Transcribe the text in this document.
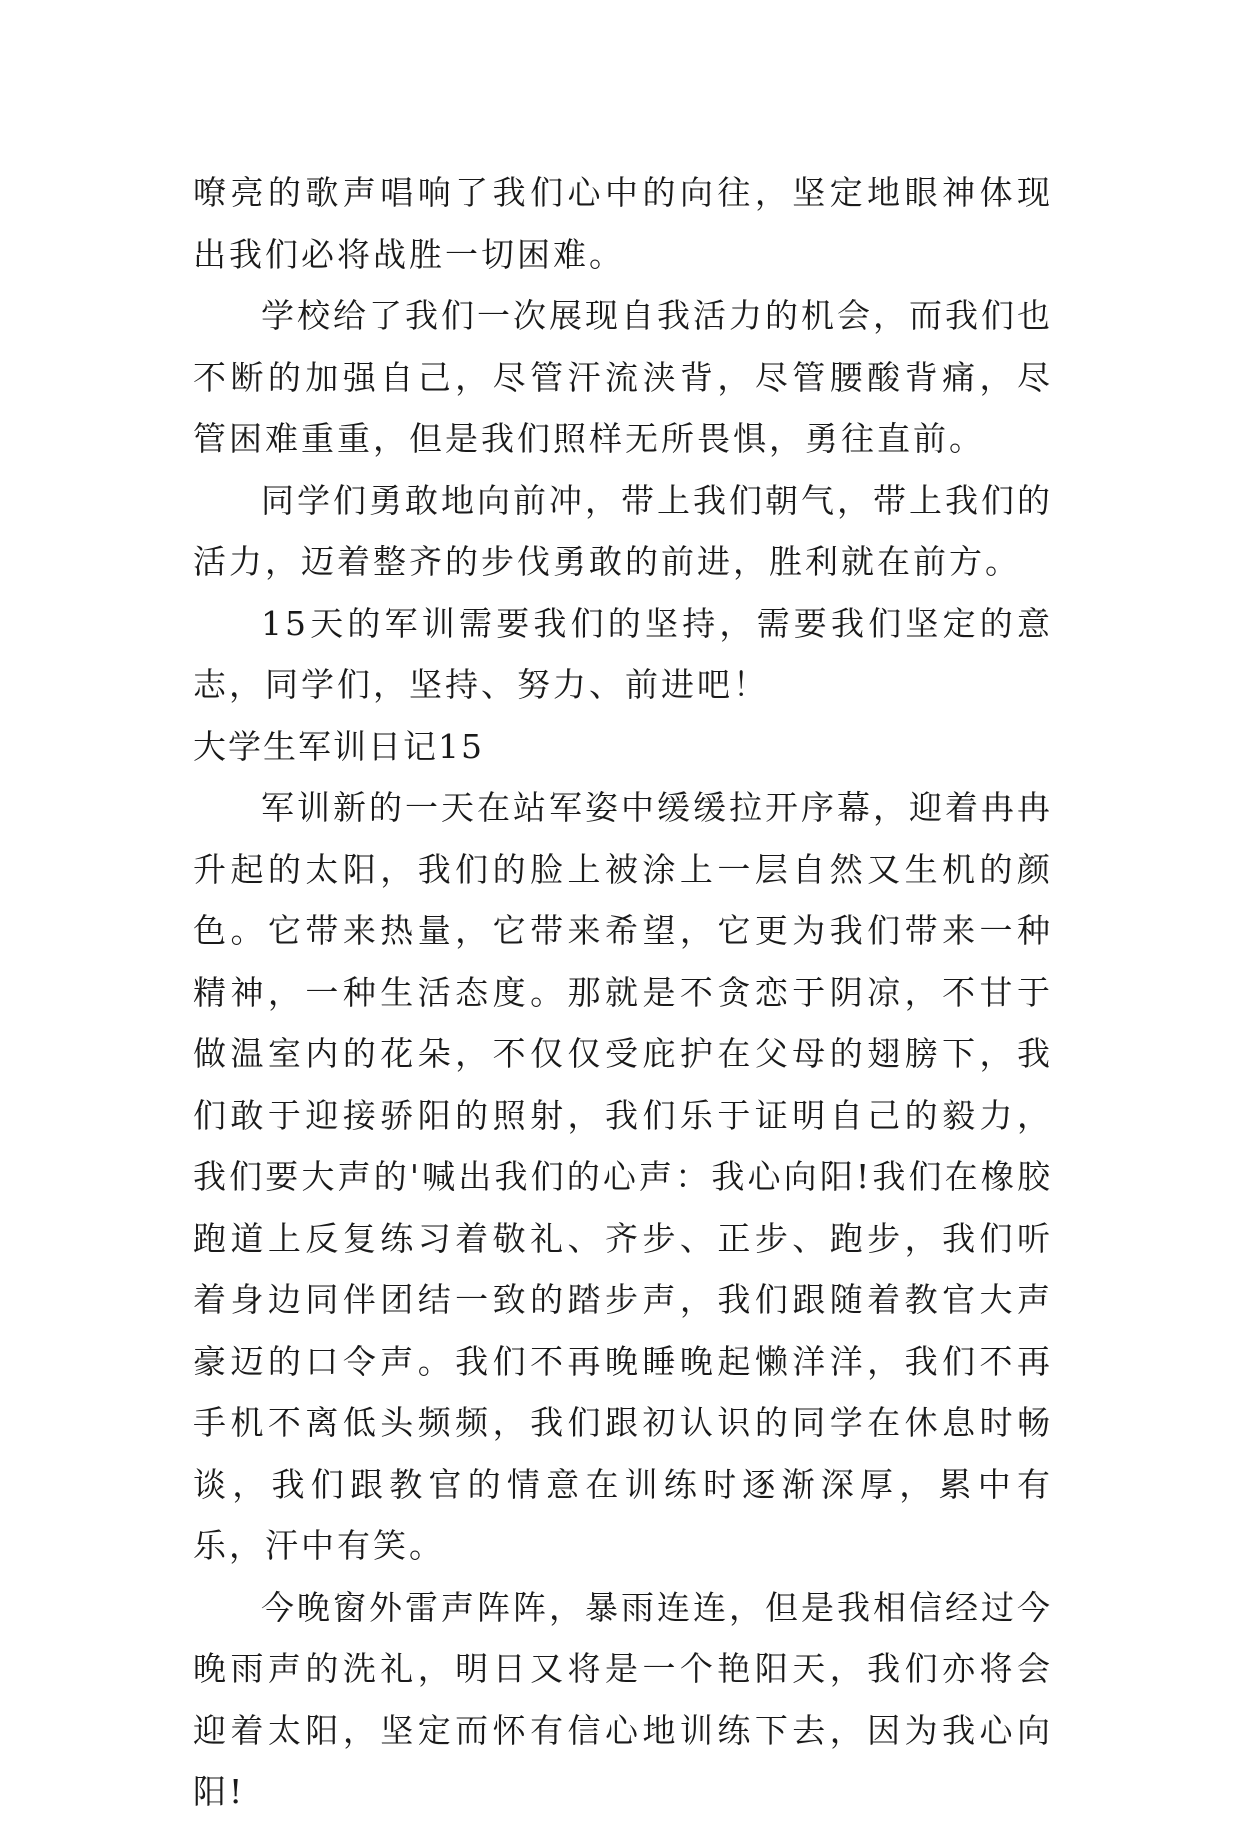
嘹亮的歌声唱响了我们心中的向往，坚定地眼神体现出我们必将战胜一切困难。

学校给了我们一次展现自我活力的机会，而我们也不断的加强自己，尽管汗流浃背，尽管腰酸背痛，尽管困难重重，但是我们照样无所畏惧，勇往直前。

同学们勇敢地向前冲，带上我们朝气，带上我们的活力，迈着整齐的步伐勇敢的前进，胜利就在前方。

15天的军训需要我们的坚持，需要我们坚定的意志，同学们，坚持、努力、前进吧！

大学生军训日记15

军训新的一天在站军姿中缓缓拉开序幕，迎着冉冉升起的太阳，我们的脸上被涂上一层自然又生机的颜色。它带来热量，它带来希望，它更为我们带来一种精神，一种生活态度。那就是不贪恋于阴凉，不甘于做温室内的花朵，不仅仅受庇护在父母的翅膀下，我们敢于迎接骄阳的照射，我们乐于证明自己的毅力，我们要大声的'喊出我们的心声：我心向阳!我们在橡胶跑道上反复练习着敬礼、齐步、正步、跑步，我们听着身边同伴团结一致的踏步声，我们跟随着教官大声豪迈的口令声。我们不再晚睡晚起懒洋洋，我们不再手机不离低头频频，我们跟初认识的同学在休息时畅谈，我们跟教官的情意在训练时逐渐深厚，累中有乐，汗中有笑。

今晚窗外雷声阵阵，暴雨连连，但是我相信经过今晚雨声的洗礼，明日又将是一个艳阳天，我们亦将会迎着太阳，坚定而怀有信心地训练下去，因为我心向阳!
